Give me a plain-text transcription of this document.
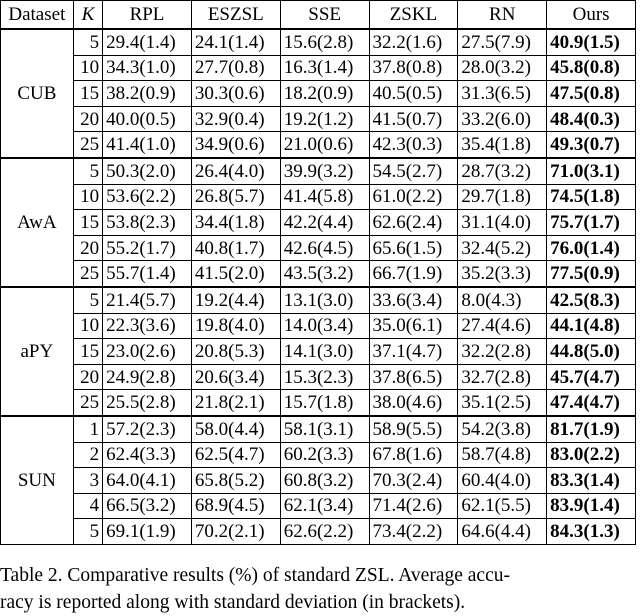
Dataset	K	RPL	ESZSL	SSE	ZSKL	RN	Ours
CUB	5	29.4(1.4)	24.1(1.4)	15.6(2.8)	32.2(1.6)	27.5(7.9)	40.9(1.5)
	10	34.3(1.0)	27.7(0.8)	16.3(1.4)	37.8(0.8)	28.0(3.2)	45.8(0.8)
	15	38.2(0.9)	30.3(0.6)	18.2(0.9)	40.5(0.5)	31.3(6.5)	47.5(0.8)
	20	40.0(0.5)	32.9(0.4)	19.2(1.2)	41.5(0.7)	33.2(6.0)	48.4(0.3)
	25	41.4(1.0)	34.9(0.6)	21.0(0.6)	42.3(0.3)	35.4(1.8)	49.3(0.7)
AwA	5	50.3(2.0)	26.4(4.0)	39.9(3.2)	54.5(2.7)	28.7(3.2)	71.0(3.1)
	10	53.6(2.2)	26.8(5.7)	41.4(5.8)	61.0(2.2)	29.7(1.8)	74.5(1.8)
	15	53.8(2.3)	34.4(1.8)	42.2(4.4)	62.6(2.4)	31.1(4.0)	75.7(1.7)
	20	55.2(1.7)	40.8(1.7)	42.6(4.5)	65.6(1.5)	32.4(5.2)	76.0(1.4)
	25	55.7(1.4)	41.5(2.0)	43.5(3.2)	66.7(1.9)	35.2(3.3)	77.5(0.9)
aPY	5	21.4(5.7)	19.2(4.4)	13.1(3.0)	33.6(3.4)	8.0(4.3)	42.5(8.3)
	10	22.3(3.6)	19.8(4.0)	14.0(3.4)	35.0(6.1)	27.4(4.6)	44.1(4.8)
	15	23.0(2.6)	20.8(5.3)	14.1(3.0)	37.1(4.7)	32.2(2.8)	44.8(5.0)
	20	24.9(2.8)	20.6(3.4)	15.3(2.3)	37.8(6.5)	32.7(2.8)	45.7(4.7)
	25	25.5(2.8)	21.8(2.1)	15.7(1.8)	38.0(4.6)	35.1(2.5)	47.4(4.7)
SUN	1	57.2(2.3)	58.0(4.4)	58.1(3.1)	58.9(5.5)	54.2(3.8)	81.7(1.9)
	2	62.4(3.3)	62.5(4.7)	60.2(3.3)	67.8(1.6)	58.7(4.8)	83.0(2.2)
	3	64.0(4.1)	65.8(5.2)	60.8(3.2)	70.3(2.4)	60.4(4.0)	83.3(1.4)
	4	66.5(3.2)	68.9(4.5)	62.1(3.4)	71.4(2.6)	62.1(5.5)	83.9(1.4)
	5	69.1(1.9)	70.2(2.1)	62.6(2.2)	73.4(2.2)	64.6(4.4)	84.3(1.3)
Table 2. Comparative results (%) of standard ZSL. Average accu-
racy is reported along with standard deviation (in brackets).
